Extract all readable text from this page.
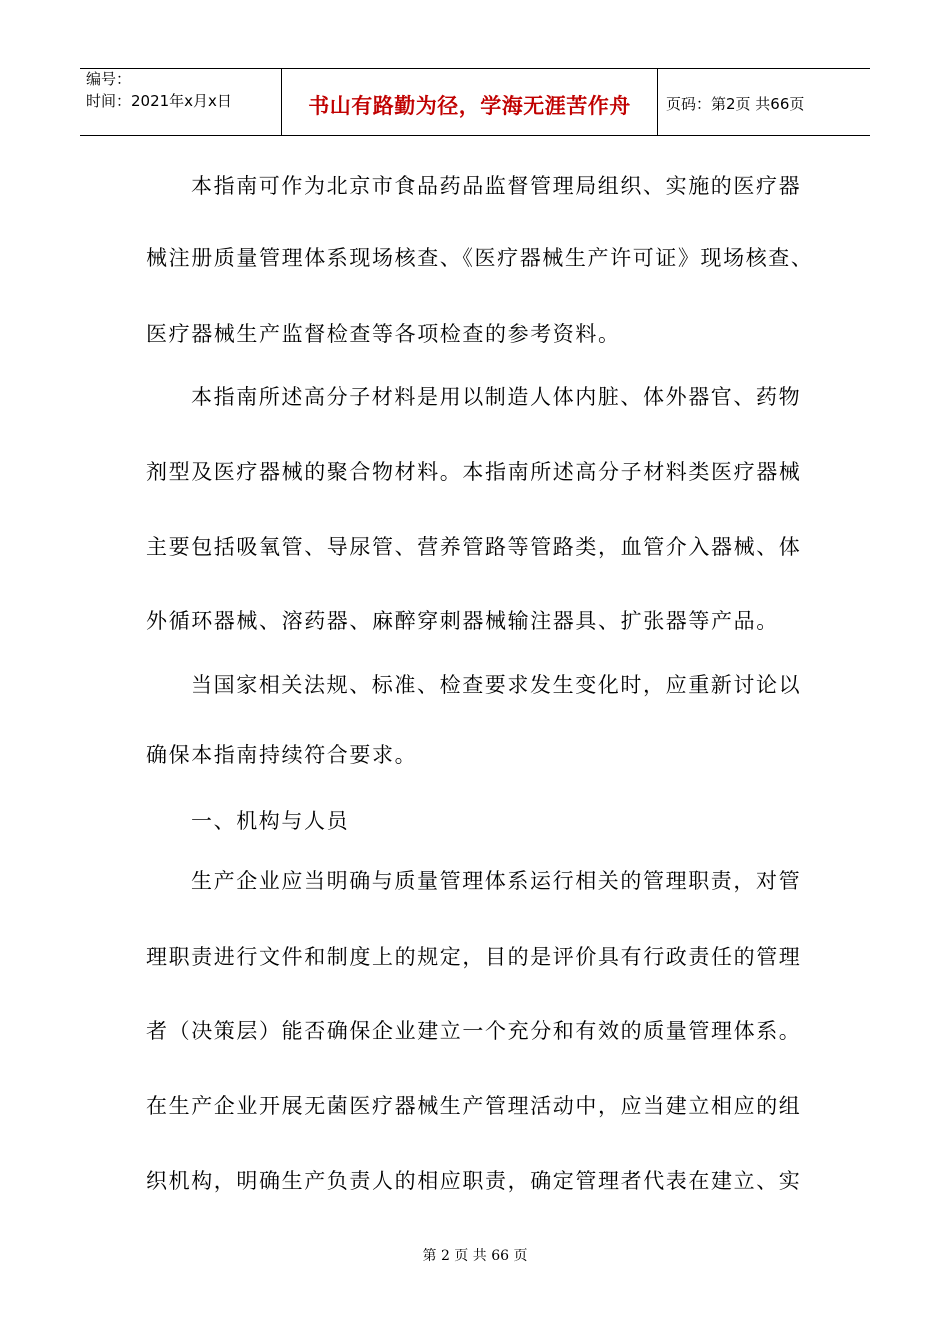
编号：
时间：2021年x月x日	书山有路勤为径，学海无涯苦作舟	页码：第2页 共66页
本指南可作为北京市食品药品监督管理局组织、实施的医疗器
械注册质量管理体系现场核查、《医疗器械生产许可证》现场核查、
医疗器械生产监督检查等各项检查的参考资料。
本指南所述高分子材料是用以制造人体内脏、体外器官、药物
剂型及医疗器械的聚合物材料。本指南所述高分子材料类医疗器械
主要包括吸氧管、导尿管、营养管路等管路类，血管介入器械、体
外循环器械、溶药器、麻醉穿刺器械输注器具、扩张器等产品。
当国家相关法规、标准、检查要求发生变化时，应重新讨论以
确保本指南持续符合要求。
一、机构与人员
生产企业应当明确与质量管理体系运行相关的管理职责，对管
理职责进行文件和制度上的规定，目的是评价具有行政责任的管理
者（决策层）能否确保企业建立一个充分和有效的质量管理体系。
在生产企业开展无菌医疗器械生产管理活动中，应当建立相应的组
织机构，明确生产负责人的相应职责，确定管理者代表在建立、实
第 2 页 共 66 页
